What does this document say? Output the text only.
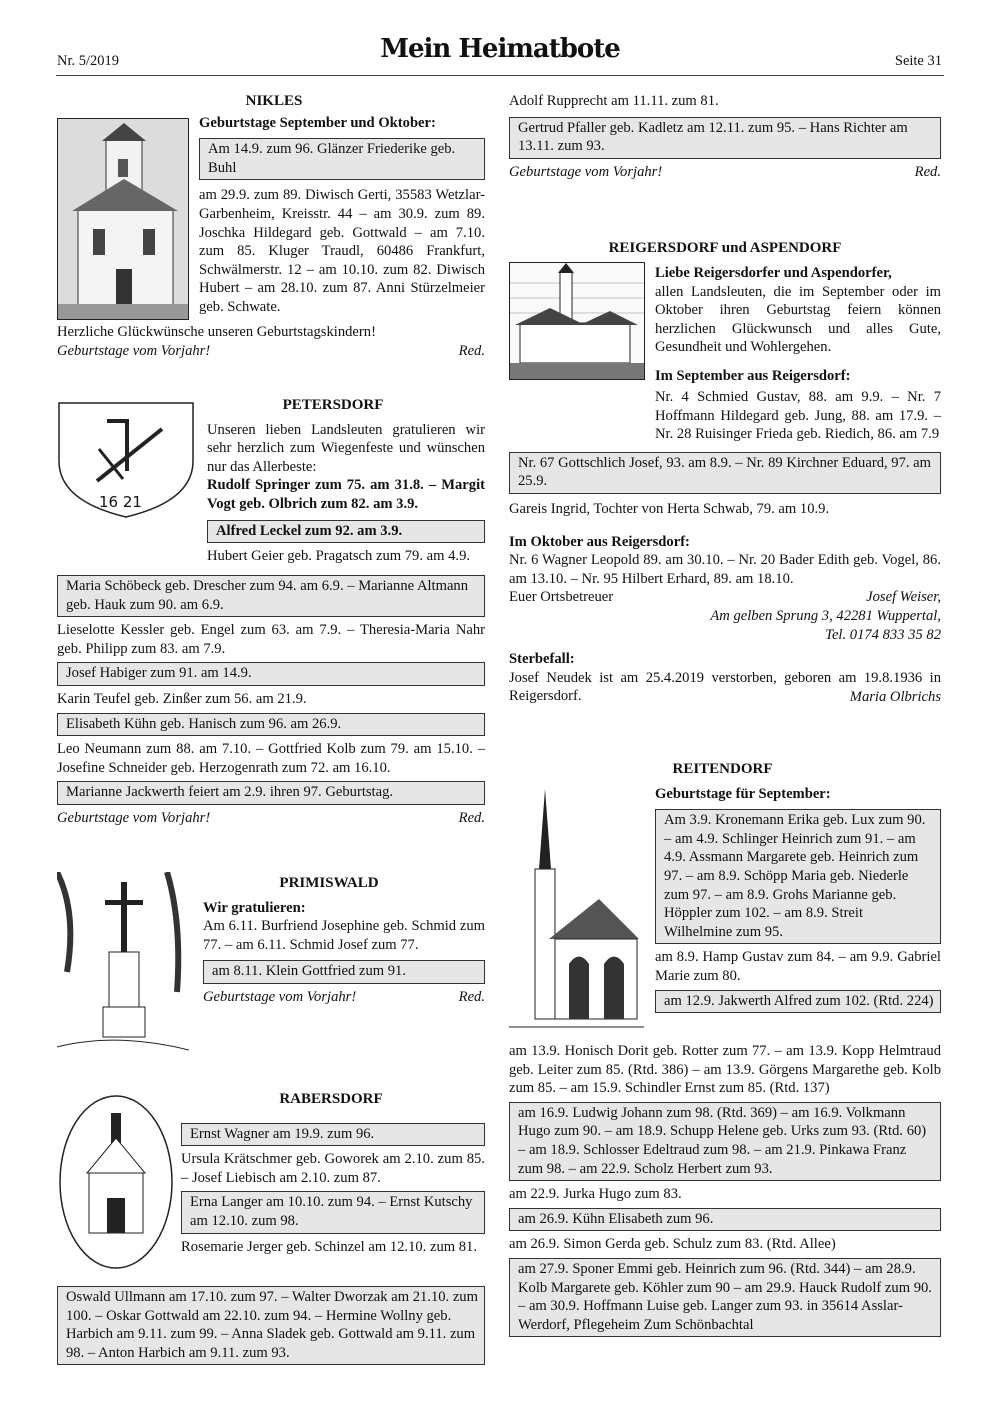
Nr. 5/2019	Mein Heimatbote	Seite 31
NIKLES

Geburtstage September und Oktober:

Am 14.9. zum 96. Glänzer Friederike geb. Buhl

am 29.9. zum 89. Diwisch Gerti, 35583 Wetzlar-Garbenheim, Kreisstr. 44 – am 30.9. zum 89. Joschka Hildegard geb. Gottwald – am 7.10. zum 85. Kluger Traudl, 60486 Frankfurt, Schwälmerstr. 12 – am 10.10. zum 82. Diwisch Hubert – am 28.10. zum 87. Anni Stürzelmeier geb. Schwate.

Herzliche Glückwünsche unseren Geburtstagskindern!

Geburtstage vom Vorjahr!	Red.
16 21
PETERSDORF

Unseren lieben Landsleuten gratulieren wir sehr herzlich zum Wiegenfeste und wünschen nur das Allerbeste:

Rudolf Springer zum 75. am 31.8. – Margit Vogt geb. Olbrich zum 82. am 3.9.

Alfred Leckel zum 92. am 3.9.

Hubert Geier geb. Pragatsch zum 79. am 4.9.

Maria Schöbeck geb. Drescher zum 94. am 6.9. – Marianne Altmann geb. Hauk zum 90. am 6.9.

Lieselotte Kessler geb. Engel zum 63. am 7.9. – Theresia-Maria Nahr geb. Philipp zum 83. am 7.9.

Josef Habiger zum 91. am 14.9.

Karin Teufel geb. Zinßer zum 56. am 21.9.

Elisabeth Kühn geb. Hanisch zum 96. am 26.9.

Leo Neumann zum 88. am 7.10. – Gottfried Kolb zum 79. am 15.10. – Josefine Schneider geb. Herzogenrath zum 72. am 16.10.

Marianne Jackwerth feiert am 2.9. ihren 97. Geburtstag.
Geburtstage vom Vorjahr!	Red.
PRIMISWALD

Wir gratulieren:

Am 6.11. Burfriend Josephine geb. Schmid zum 77. – am 6.11. Schmid Josef zum 77.

am 8.11. Klein Gottfried zum 91.
Geburtstage vom Vorjahr!	Red.
RABERSDORF
Ernst Wagner am 19.9. zum 96.

Ursula Krätschmer geb. Goworek am 2.10. zum 85. – Josef Liebisch am 2.10. zum 87.

Erna Langer am 10.10. zum 94. – Ernst Kutschy am 12.10. zum 98.

Rosemarie Jerger geb. Schinzel am 12.10. zum 81.

Oswald Ullmann am 17.10. zum 97. – Walter Dworzak am 21.10. zum 100. – Oskar Gottwald am 22.10. zum 94. – Hermine Wollny geb. Harbich am 9.11. zum 99. – Anna Sladek geb. Gottwald am 9.11. zum 98. – Anton Harbich am 9.11. zum 93.

Adolf Rupprecht am 11.11. zum 81.

Gertrud Pfaller geb. Kadletz am 12.11. zum 95. – Hans Richter am 13.11. zum 93.
Geburtstage vom Vorjahr!	Red.
REIGERSDORF und ASPENDORF

Liebe Reigersdorfer und Aspendorfer,

allen Landsleuten, die im September oder im Oktober ihren Geburtstag feiern können herzlichen Glückwunsch und alles Gute, Gesundheit und Wohlergehen.

Im September aus Reigersdorf:

Nr. 4 Schmied Gustav, 88. am 9.9. – Nr. 7 Hoffmann Hildegard geb. Jung, 88. am 17.9. – Nr. 28 Ruisinger Frieda geb. Riedich, 86. am 7.9

Nr. 67 Gottschlich Josef, 93. am 8.9. – Nr. 89 Kirchner Eduard, 97. am 25.9.

Gareis Ingrid, Tochter von Herta Schwab, 79. am 10.9.

Im Oktober aus Reigersdorf:

Nr. 6 Wagner Leopold 89. am 30.10. – Nr. 20 Bader Edith geb. Vogel, 86. am 13.10. – Nr. 95 Hilbert Erhard, 89. am 18.10.

Euer Ortsbetreuer	Josef Weiser,

Am gelben Sprung 3, 42281 Wuppertal,

Tel. 0174 833 35 82

Sterbefall:

Josef Neudek ist am 25.4.2019 verstorben, geboren am 19.8.1936 in Reigersdorf.	Maria Olbrichs

REITENDORF

Geburtstage für September:

Am 3.9. Kronemann Erika geb. Lux zum 90. – am 4.9. Schlinger Heinrich zum 91. – am 4.9. Assmann Margarete geb. Heinrich zum 97. – am 8.9. Schöpp Maria geb. Niederle zum 97. – am 8.9. Grohs Marianne geb. Höppler zum 102. – am 8.9. Streit Wilhelmine zum 95.

am 8.9. Hamp Gustav zum 84. – am 9.9. Gabriel Marie zum 80.

am 12.9. Jakwerth Alfred zum 102. (Rtd. 224)

am 13.9. Honisch Dorit geb. Rotter zum 77. – am 13.9. Kopp Helmtraud geb. Leiter zum 85. (Rtd. 386) – am 13.9. Görgens Margarethe geb. Kolb zum 85. – am 15.9. Schindler Ernst zum 85. (Rtd. 137)

am 16.9. Ludwig Johann zum 98. (Rtd. 369) – am 16.9. Volkmann Hugo zum 90. – am 18.9. Schupp Helene geb. Urks zum 93. (Rtd. 60) – am 18.9. Schlosser Edeltraud zum 98. – am 21.9. Pinkawa Franz zum 98. – am 22.9. Scholz Herbert zum 93.

am 22.9. Jurka Hugo zum 83.

am 26.9. Kühn Elisabeth zum 96.

am 26.9. Simon Gerda geb. Schulz zum 83. (Rtd. Allee)

am 27.9. Sponer Emmi geb. Heinrich zum 96. (Rtd. 344) – am 28.9. Kolb Margarete geb. Köhler zum 90 – am 29.9. Hauck Rudolf zum 90. – am 30.9. Hoffmann Luise geb. Langer zum 93. in 35614 Asslar-Werdorf, Pflegeheim Zum Schönbachtal
